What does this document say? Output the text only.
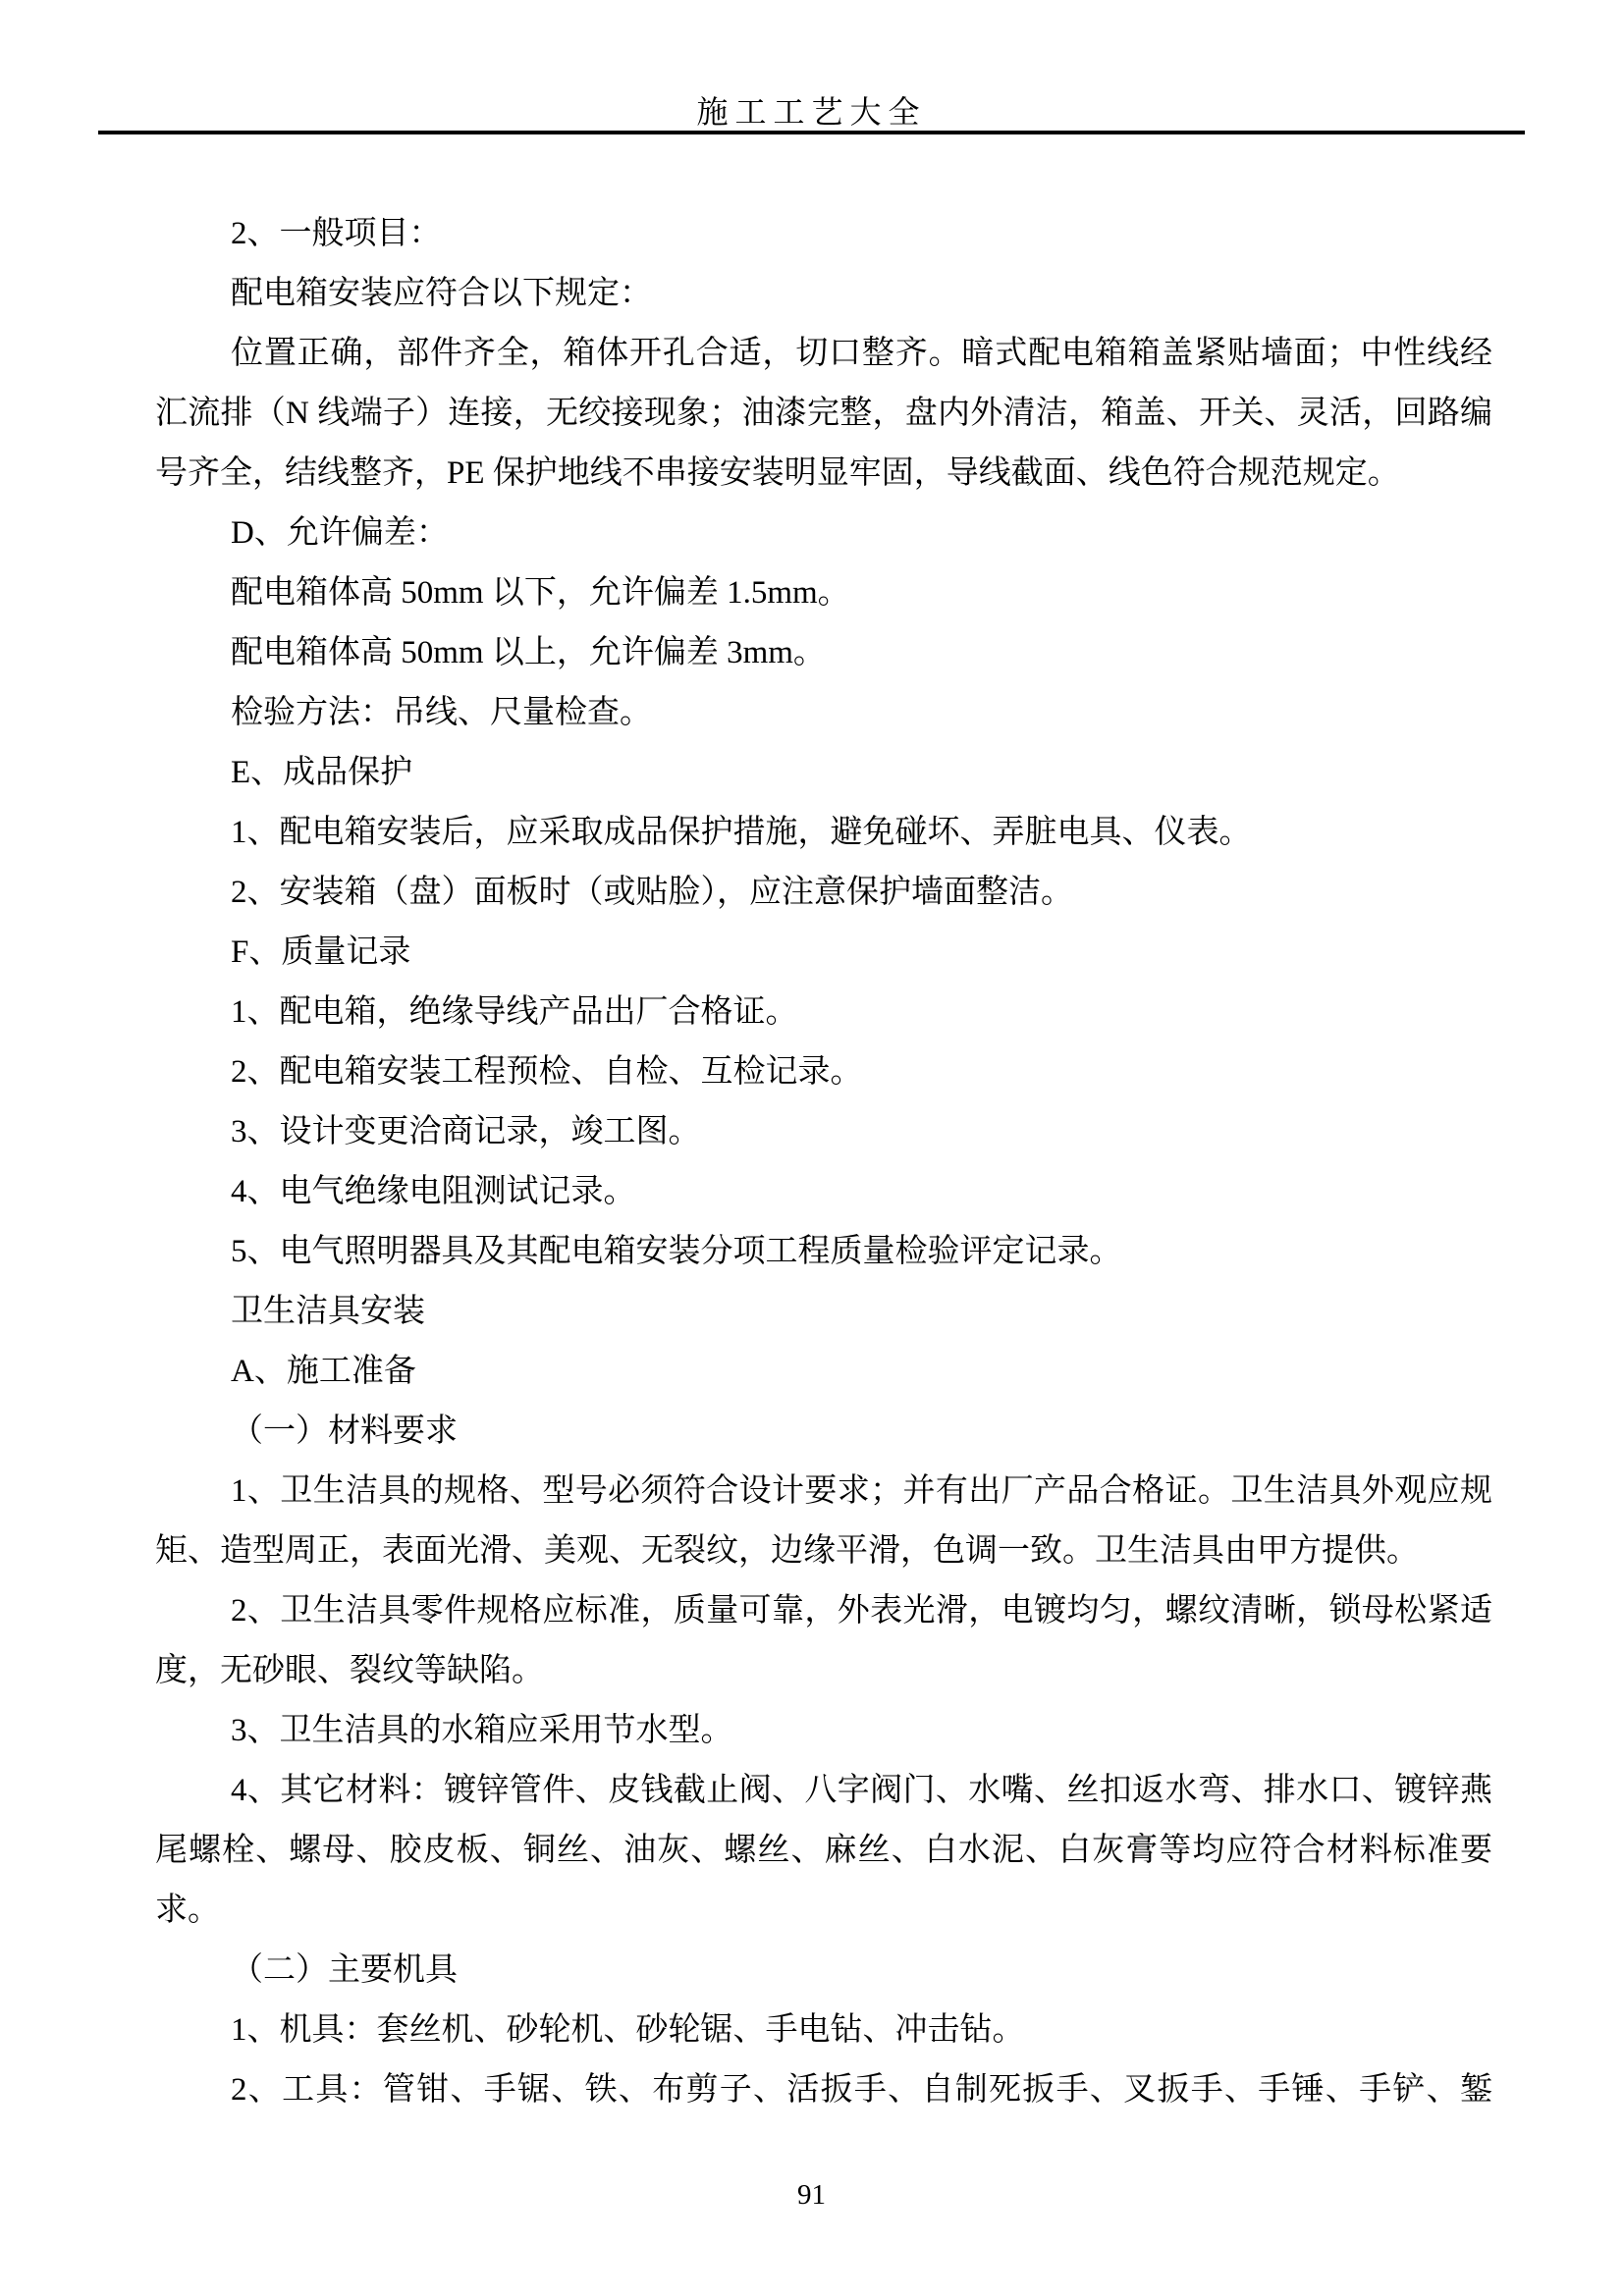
施工工艺大全

2、一般项目：

配电箱安装应符合以下规定：

位置正确，部件齐全，箱体开孔合适，切口整齐。暗式配电箱箱盖紧贴墙面；中性线经汇流排（N 线端子）连接，无绞接现象；油漆完整，盘内外清洁，箱盖、开关、灵活，回路编号齐全，结线整齐，PE 保护地线不串接安装明显牢固，导线截面、线色符合规范规定。

D、允许偏差：

配电箱体高 50mm 以下，允许偏差 1.5mm。

配电箱体高 50mm 以上，允许偏差 3mm。

检验方法：吊线、尺量检查。

E、成品保护

1、配电箱安装后，应采取成品保护措施，避免碰坏、弄脏电具、仪表。

2、安装箱（盘）面板时（或贴脸），应注意保护墙面整洁。

F、质量记录

1、配电箱，绝缘导线产品出厂合格证。

2、配电箱安装工程预检、自检、互检记录。

3、设计变更洽商记录，竣工图。

4、电气绝缘电阻测试记录。

5、电气照明器具及其配电箱安装分项工程质量检验评定记录。

卫生洁具安装

A、施工准备

（一）材料要求

1、卫生洁具的规格、型号必须符合设计要求；并有出厂产品合格证。卫生洁具外观应规矩、造型周正，表面光滑、美观、无裂纹，边缘平滑，色调一致。卫生洁具由甲方提供。

2、卫生洁具零件规格应标准，质量可靠，外表光滑，电镀均匀，螺纹清晰，锁母松紧适度，无砂眼、裂纹等缺陷。

3、卫生洁具的水箱应采用节水型。

4、其它材料：镀锌管件、皮钱截止阀、八字阀门、水嘴、丝扣返水弯、排水口、镀锌燕尾螺栓、螺母、胶皮板、铜丝、油灰、螺丝、麻丝、白水泥、白灰膏等均应符合材料标准要求。

（二）主要机具

1、机具：套丝机、砂轮机、砂轮锯、手电钻、冲击钻。

2、工具：管钳、手锯、铁、布剪子、活扳手、自制死扳手、叉扳手、手锤、手铲、錾

91
